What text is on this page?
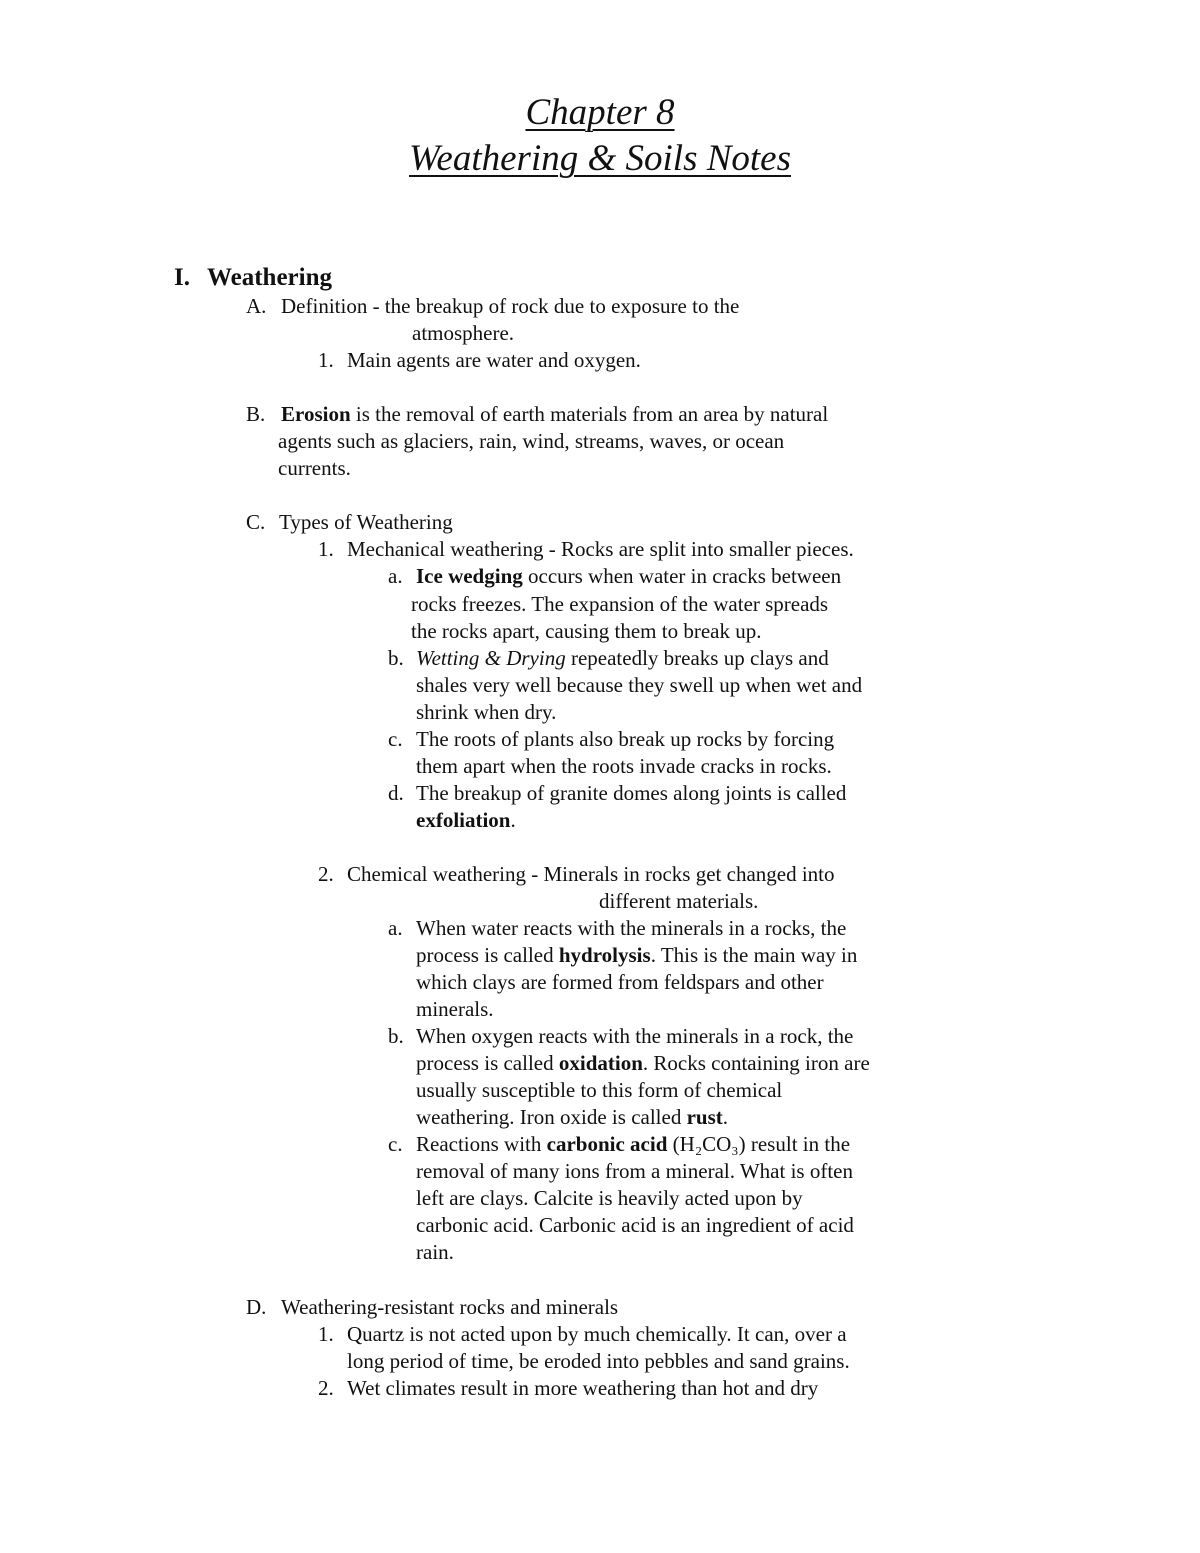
Chapter 8
Weathering & Soils Notes
I. Weathering
A. Definition - the breakup of rock due to exposure to the
atmosphere.
1. Main agents are water and oxygen.
B. Erosion is the removal of earth materials from an area by natural
agents such as glaciers, rain, wind, streams, waves, or ocean
currents.
C. Types of Weathering
1. Mechanical weathering - Rocks are split into smaller pieces.
a. Ice wedging occurs when water in cracks between
rocks freezes. The expansion of the water spreads
the rocks apart, causing them to break up.
b. Wetting & Drying repeatedly breaks up clays and
shales very well because they swell up when wet and
shrink when dry.
c. The roots of plants also break up rocks by forcing
them apart when the roots invade cracks in rocks.
d. The breakup of granite domes along joints is called
exfoliation.
2. Chemical weathering - Minerals in rocks get changed into
different materials.
a. When water reacts with the minerals in a rocks, the
process is called hydrolysis. This is the main way in
which clays are formed from feldspars and other
minerals.
b. When oxygen reacts with the minerals in a rock, the
process is called oxidation. Rocks containing iron are
usually susceptible to this form of chemical
weathering. Iron oxide is called rust.
c. Reactions with carbonic acid (H₂CO₃) result in the
removal of many ions from a mineral. What is often
left are clays. Calcite is heavily acted upon by
carbonic acid. Carbonic acid is an ingredient of acid
rain.
D. Weathering-resistant rocks and minerals
1. Quartz is not acted upon by much chemically. It can, over a
long period of time, be eroded into pebbles and sand grains.
2. Wet climates result in more weathering than hot and dry
